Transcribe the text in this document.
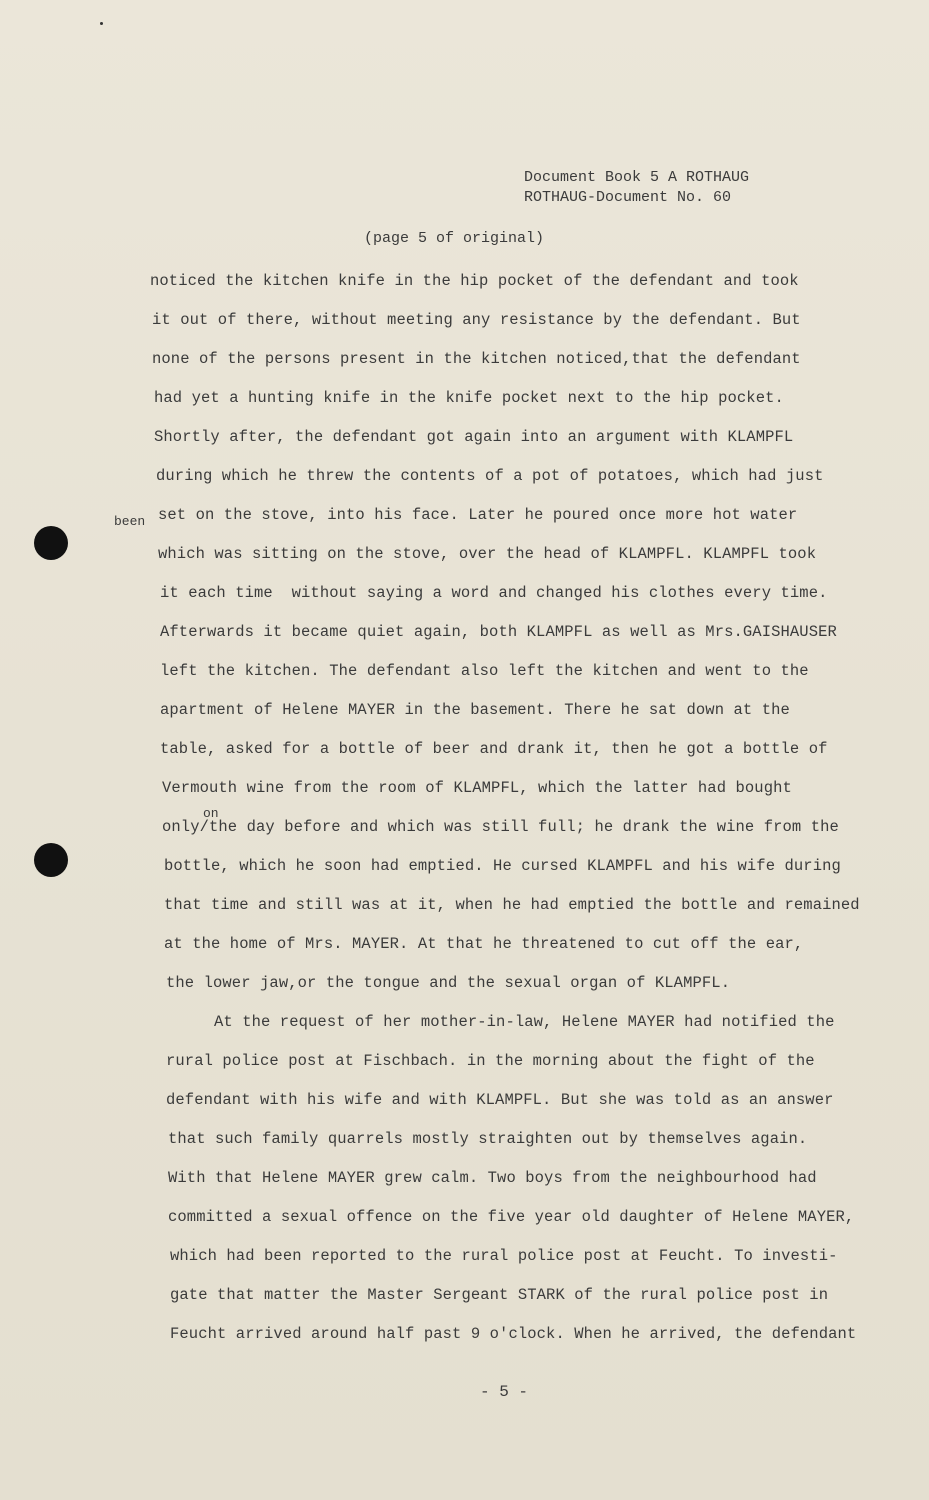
Document Book 5 A ROTHAUG
ROTHAUG-Document No. 60
(page 5 of original)
been
on
noticed the kitchen knife in the hip pocket of the defendant and took
it out of there, without meeting any resistance by the defendant. But
none of the persons present in the kitchen noticed,that the defendant
had yet a hunting knife in the knife pocket next to the hip pocket.
Shortly after, the defendant got again into an argument with KLAMPFL
during which he threw the contents of a pot of potatoes, which had just
set on the stove, into his face. Later he poured once more hot water
which was sitting on the stove, over the head of KLAMPFL. KLAMPFL took
it each time  without saying a word and changed his clothes every time.
Afterwards it became quiet again, both KLAMPFL as well as Mrs.GAISHAUSER
left the kitchen. The defendant also left the kitchen and went to the
apartment of Helene MAYER in the basement. There he sat down at the
table, asked for a bottle of beer and drank it, then he got a bottle of
Vermouth wine from the room of KLAMPFL, which the latter had bought
only/the day before and which was still full; he drank the wine from the
bottle, which he soon had emptied. He cursed KLAMPFL and his wife during
that time and still was at it, when he had emptied the bottle and remained
at the home of Mrs. MAYER. At that he threatened to cut off the ear,
the lower jaw,or the tongue and the sexual organ of KLAMPFL.
At the request of her mother-in-law, Helene MAYER had notified the
rural police post at Fischbach. in the morning about the fight of the
defendant with his wife and with KLAMPFL. But she was told as an answer
that such family quarrels mostly straighten out by themselves again.
With that Helene MAYER grew calm. Two boys from the neighbourhood had
committed a sexual offence on the five year old daughter of Helene MAYER,
which had been reported to the rural police post at Feucht. To investi-
gate that matter the Master Sergeant STARK of the rural police post in
Feucht arrived around half past 9 o'clock. When he arrived, the defendant
- 5 -
